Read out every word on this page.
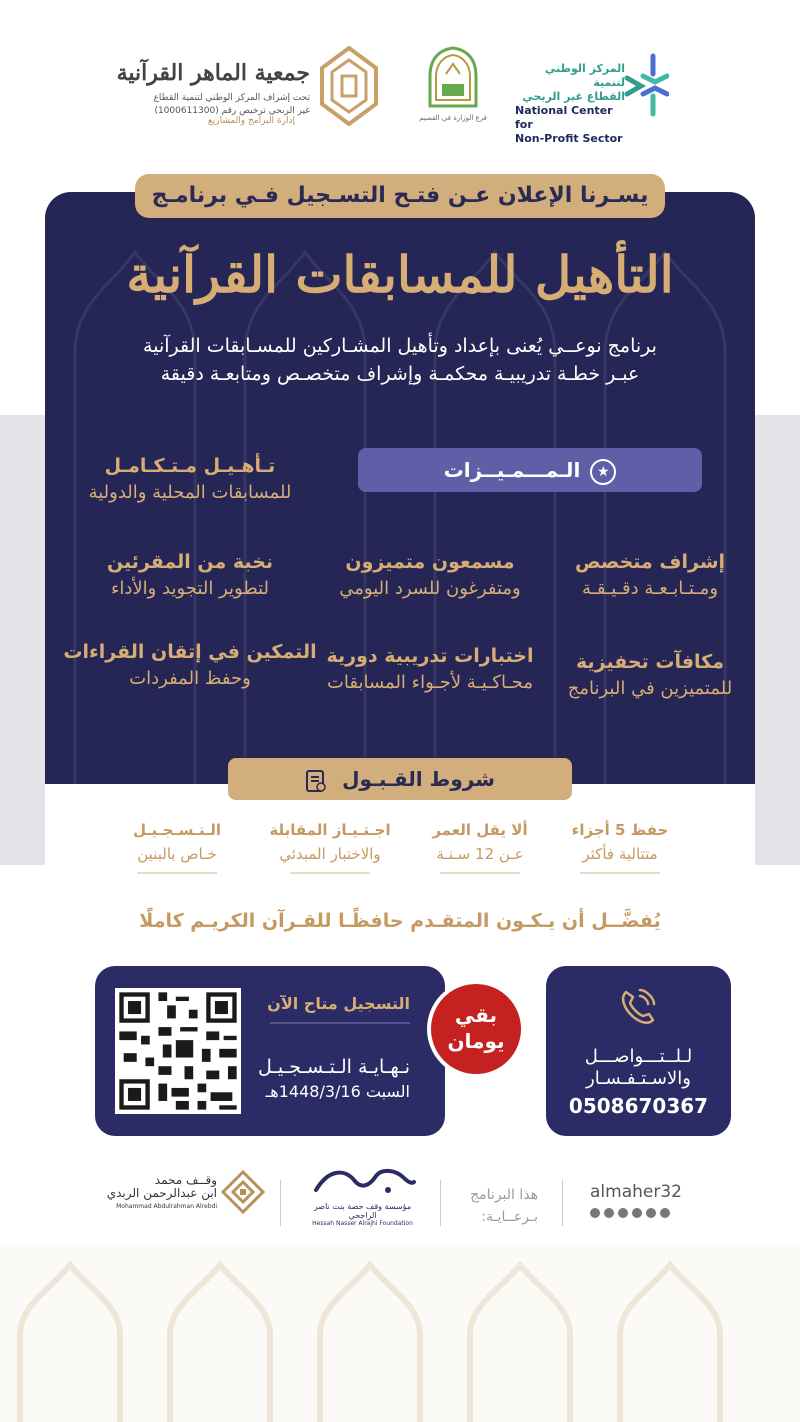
المركز الوطني لتنمية
القطاع غير الربحي
National Center for
Non-Profit Sector
فرع الوزارة في القصيم
جمعية الماهر القرآنية
تحت إشراف المركز الوطني لتنمية القطاع
غير الربحي ترخيص رقم (1000611300)
إدارة البرامج والمشاريع
يسـرنا الإعلان عـن فتـح التسـجيل فـي برنامـج
التأهيل للمسابقات القرآنية
برنامج نوعــي يُعنى بإعداد وتأهيل المشـاركين للمسـابقات القرآنية
عبـر خطـة تدريبيـة محكمـة وإشراف متخصـص ومتابعـة دقيقة
★الـمـــمـيــزات
تـأهـيـل مـتـكـامـل
للمسابقات المحلية والدولية
إشراف متخصص
ومـتـابـعـة دقـيـقـة
مسمعون متميزون
ومتفرغون للسرد اليومي
نخبة من المقرئين
لتطوير التجويد والأداء
مكافآت تحفيزية
للمتميزين في البرنامج
اختبارات تدريبية دورية
محـاكـيـة لأجـواء المسابقات
التمكين في إتقان القراءات
وحفظ المفردات
شروط القـبـول
حفظ 5 أجزاء
متتالية فأكثر
ألا يقل العمر
عـن 12 سـنـة
اجـتـيـاز المقابلة
والاختبار المبدئي
الـتـسـجـيـل
خـاص بالبنين
يُفضَّــل أن يـكـون المتقـدم حافظًـا للقـرآن الكريـم كاملًا
التسجيل متاح الآن
نـهـايـة الـتـسـجـيـل
السبت 1448/3/16هـ
بقي
يومان
لـلــتـــواصـــل
والاسـتـفـسـار
0508670367
almaher32
هذا البرنامج
بـرعــايـة:
مؤسسة وقف حصة بنت ناصر الراجحي
Hessah Nasser Alrajhi Foundation
وقــف محمد
ابن عبدالرحمن الربدي
Mohammad Abdulrahman Alrebdi
